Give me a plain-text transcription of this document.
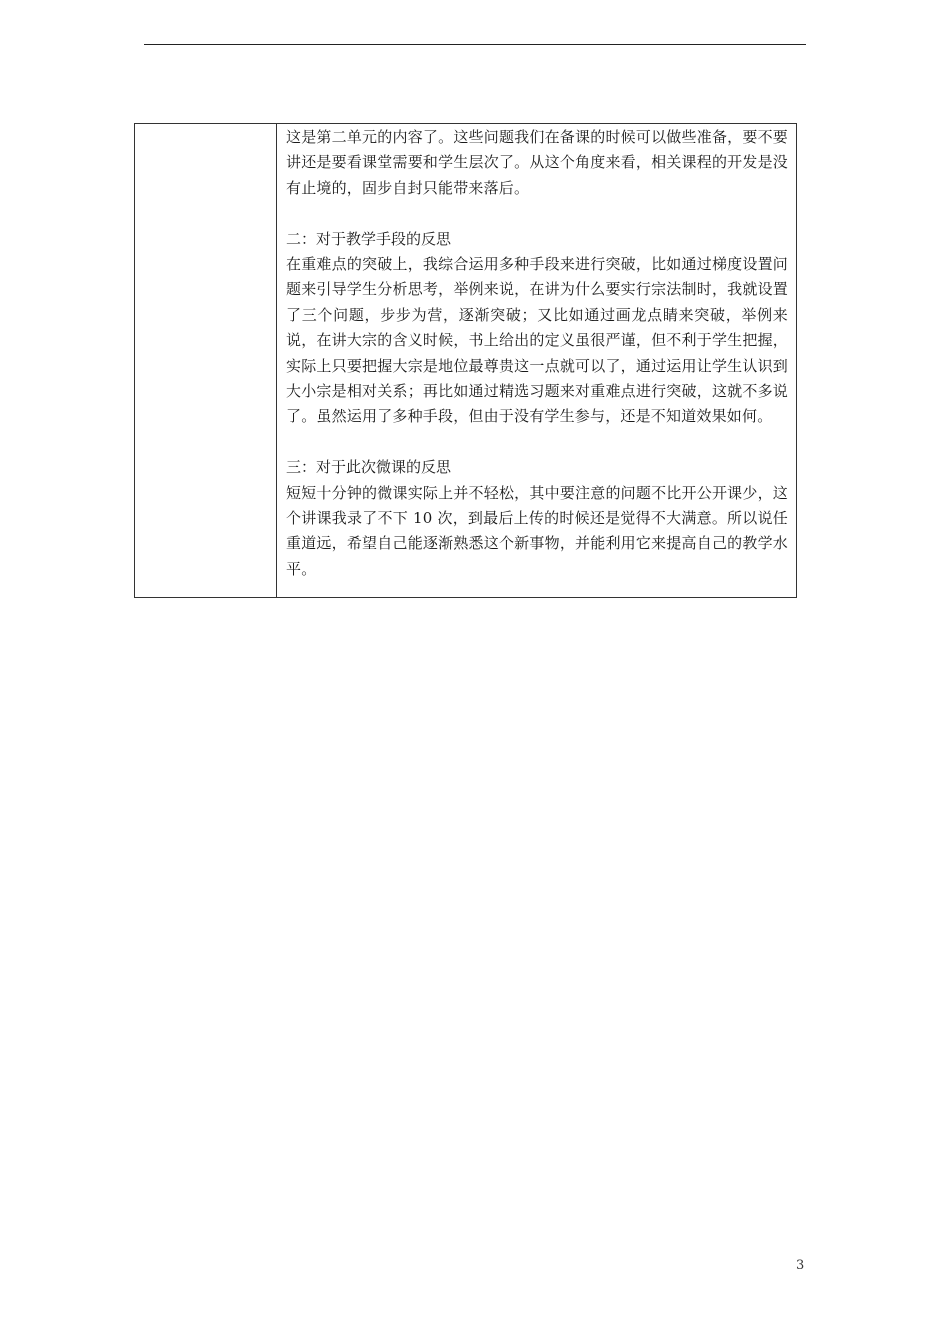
这是第二单元的内容了。这些问题我们在备课的时候可以做些准备，要不要讲还是要看课堂需要和学生层次了。从这个角度来看，相关课程的开发是没有止境的，固步自封只能带来落后。

二：对于教学手段的反思

在重难点的突破上，我综合运用多种手段来进行突破，比如通过梯度设置问题来引导学生分析思考，举例来说，在讲为什么要实行宗法制时，我就设置了三个问题，步步为营，逐渐突破；又比如通过画龙点睛来突破，举例来说，在讲大宗的含义时候，书上给出的定义虽很严谨，但不利于学生把握，实际上只要把握大宗是地位最尊贵这一点就可以了，通过运用让学生认识到大小宗是相对关系；再比如通过精选习题来对重难点进行突破，这就不多说了。虽然运用了多种手段，但由于没有学生参与，还是不知道效果如何。

三：对于此次微课的反思

短短十分钟的微课实际上并不轻松，其中要注意的问题不比开公开课少，这个讲课我录了不下 10 次，到最后上传的时候还是觉得不大满意。所以说任重道远，希望自己能逐渐熟悉这个新事物，并能利用它来提高自己的教学水平。

3
